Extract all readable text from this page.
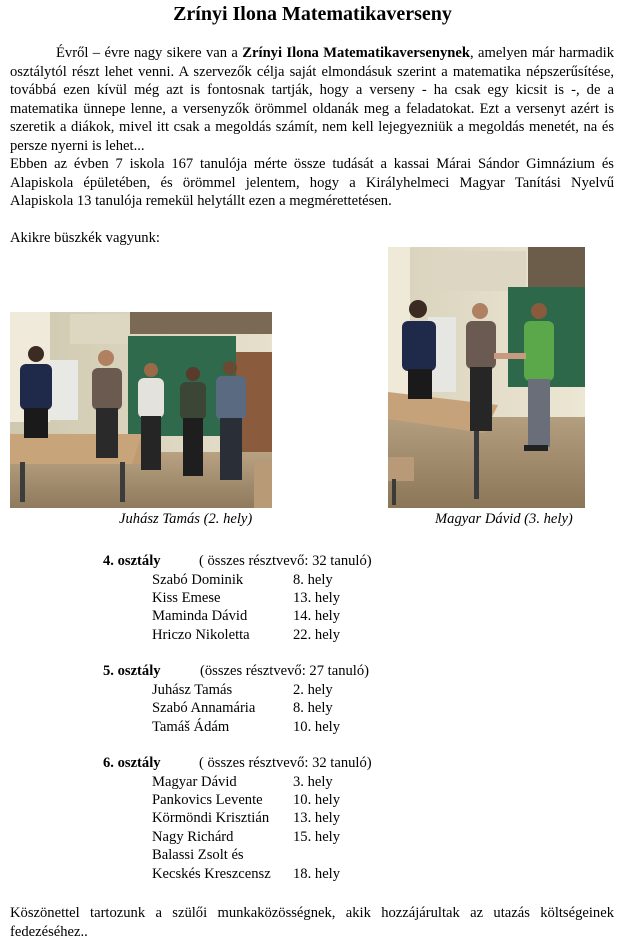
Zrínyi Ilona Matematikaverseny

Évről – évre nagy sikere van a Zrínyi Ilona Matematikaversenynek, amelyen már harmadik osztálytól részt lehet venni. A szervezők célja saját elmondásuk szerint a matematika népszerűsítése, továbbá ezen kívül még azt is fontosnak tartják, hogy a verseny - ha csak egy kicsit is -, de a matematika ünnepe lenne, a versenyzők örömmel oldanák meg a feladatokat. Ezt a versenyt azért is szeretik a diákok, mivel itt csak a megoldás számít, nem kell lejegyezniük a megoldás menetét, na és persze nyerni is lehet...

Ebben az évben 7 iskola 167 tanulója mérte össze tudását a kassai Márai Sándor Gimnázium és Alapiskola épületében, és örömmel jelentem, hogy a Királyhelmeci Magyar Tanítási Nyelvű Alapiskola 13 tanulója remekül helytállt ezen a megmérettetésen.

Akikre büszkék vagyunk:
Juhász Tamás (2. hely)	Magyar Dávid (3. hely)
4. osztály	( összes résztvevő: 32 tanuló)
Szabó Dominik	8. hely
Kiss Emese	13. hely
Maminda Dávid	14. hely
Hriczo Nikoletta	22. hely
5. osztály	(összes résztvevő: 27 tanuló)
Juhász Tamás	2. hely
Szabó Annamária	8. hely
Tamáš Ádám	10. hely
6. osztály	( összes résztvevő: 32 tanuló)
Magyar Dávid	3. hely
Pankovics Levente 10. hely
Körmöndi Krisztián 13. hely
Nagy Richárd	15. hely
Balassi Zsolt és
Kecskés Kreszcensz 18. hely

Köszönettel tartozunk a szülői munkaközösségnek, akik hozzájárultak az utazás költségeinek fedezéséhez..
